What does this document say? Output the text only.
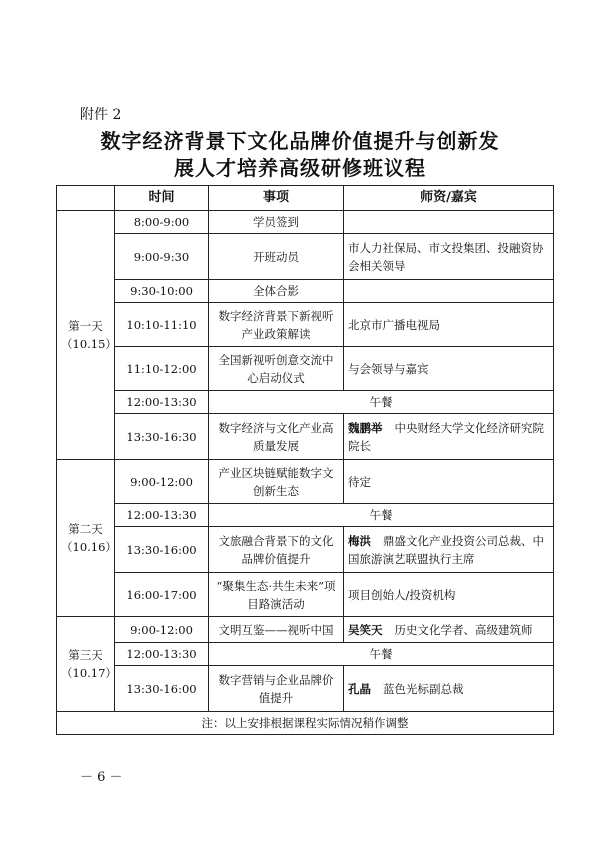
附件 2
数字经济背景下文化品牌价值提升与创新发
展人才培养高级研修班议程
	时间	事项	师资/嘉宾

第一天
（10.15）	8:00-9:00	学员签到	
	9:00-9:30	开班动员	市人力社保局、市文投集团、投融资协会相关领导
	9:30-10:00	全体合影	
	10:10-11:10	数字经济背景下新视听产业政策解读	北京市广播电视局
	11:10-12:00	全国新视听创意交流中心启动仪式	与会领导与嘉宾
	12:00-13:30	午餐	
	13:30-16:30	数字经济与文化产业高质量发展	魏鹏举 中央财经大学文化经济研究院院长

第二天
（10.16）	9:00-12:00	产业区块链赋能数字文创新生态	待定
	12:00-13:30	午餐	
	13:30-16:00	文旅融合背景下的文化品牌价值提升	梅洪 鼎盛文化产业投资公司总裁、中国旅游演艺联盟执行主席
	16:00-17:00	“聚集生态·共生未来”项目路演活动	项目创始人/投资机构

第三天
（10.17）	9:00-12:00	文明互鉴——视听中国	吴笑天 历史文化学者、高级建筑师
	12:00-13:30	午餐	
	13:30-16:00	数字营销与企业品牌价值提升	孔晶 蓝色光标副总裁
注：以上安排根据课程实际情况稍作调整			
－ 6 －
